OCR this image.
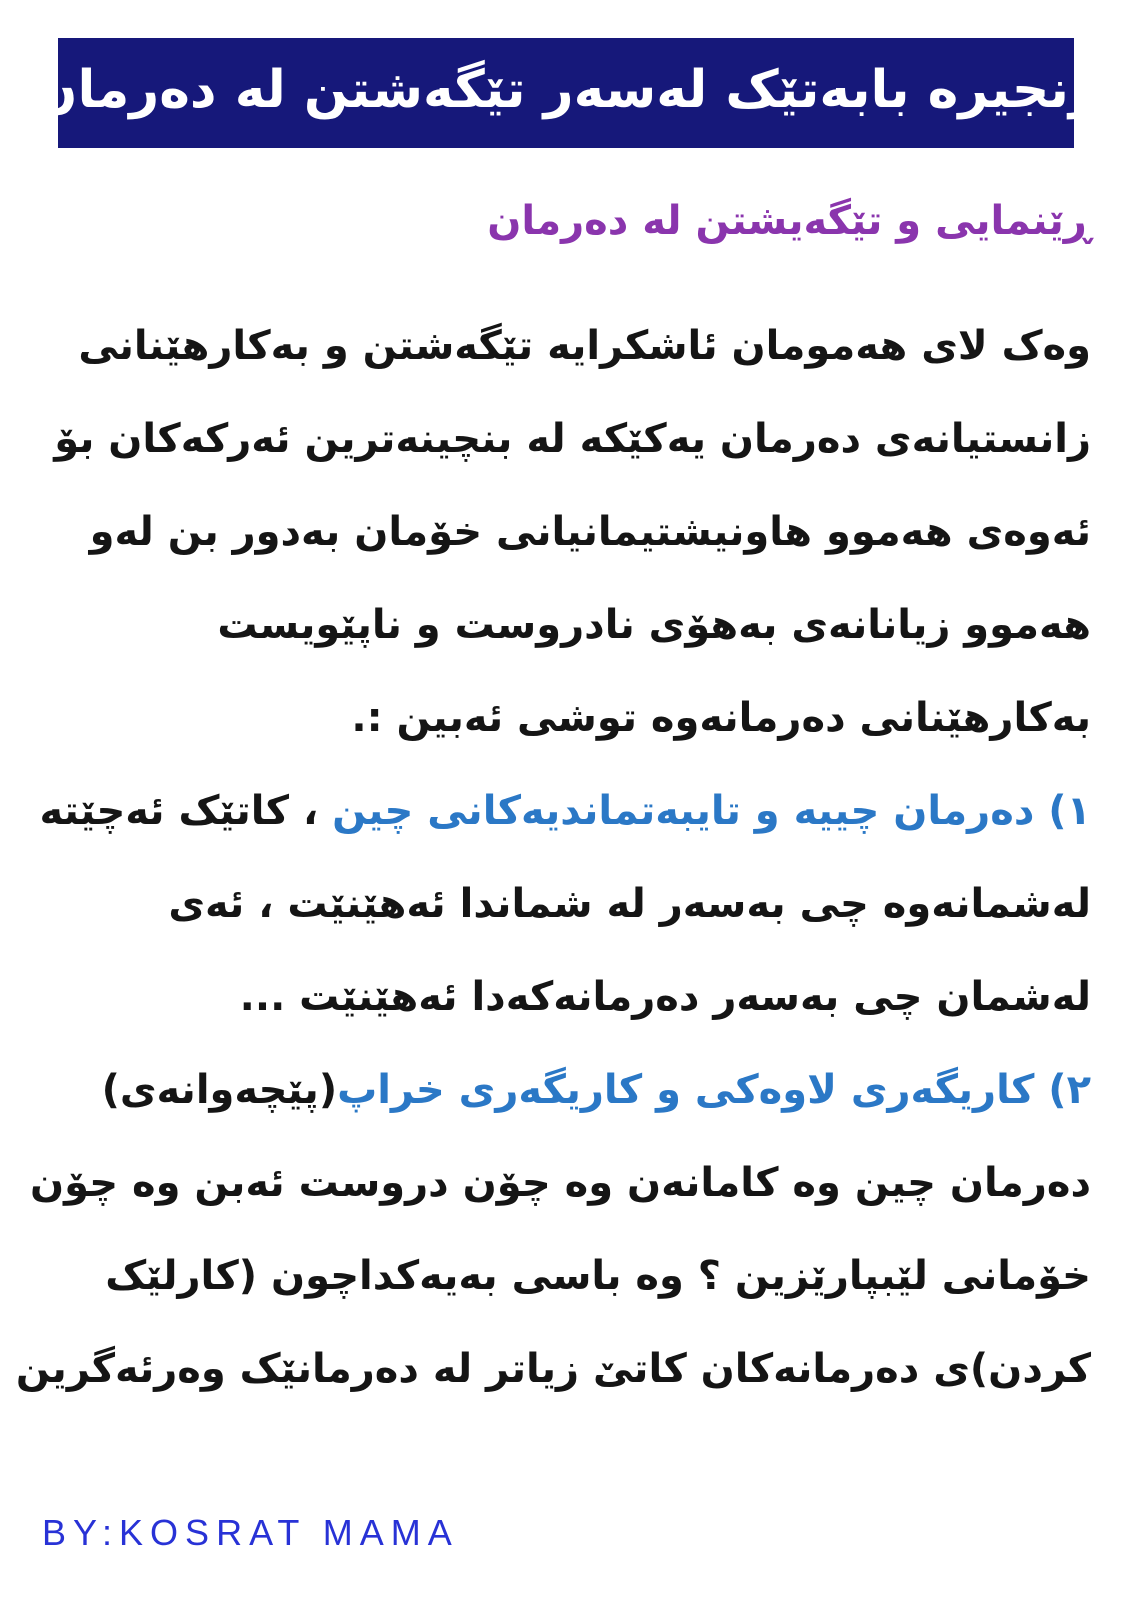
زنجیرە بابەتێک لەسەر تێگەشتن لە دەرمان
ڕێنمایی و تێگەیشتن لە دەرمان
وەک لای هەمومان ئاشکرایە تێگەشتن و بەکارهێنانی
زانستیانەی دەرمان یەکێکە لە بنچینەترین ئەرکەکان بۆ
ئەوەی هەموو هاونیشتیمانیانی خۆمان بەدور بن لەو
هەموو زیانانەی بەهۆی نادروست و ناپێویست
بەکارهێنانی دەرمانەوە توشی ئەبین :.
١) دەرمان چییە و تایبەتماندیەکانی چین ، کاتێک ئەچێتە
لەشمانەوە چی بەسەر لە شماندا ئەهێنێت ، ئەی
لەشمان چی بەسەر دەرمانەکەدا ئەهێنێت ...
٢) کاریگەری لاوەکی و کاریگەری خراپ(پێچەوانەی)
دەرمان چین وە کامانەن وە چۆن دروست ئەبن وە چۆن
خۆمانی لێبپارێزین ؟ وە باسی بەیەکداچون (کارلێک
کردن)ی دەرمانەکان کاتێ زیاتر لە دەرمانێک وەرئەگرین
BY:KOSRAT MAMA
